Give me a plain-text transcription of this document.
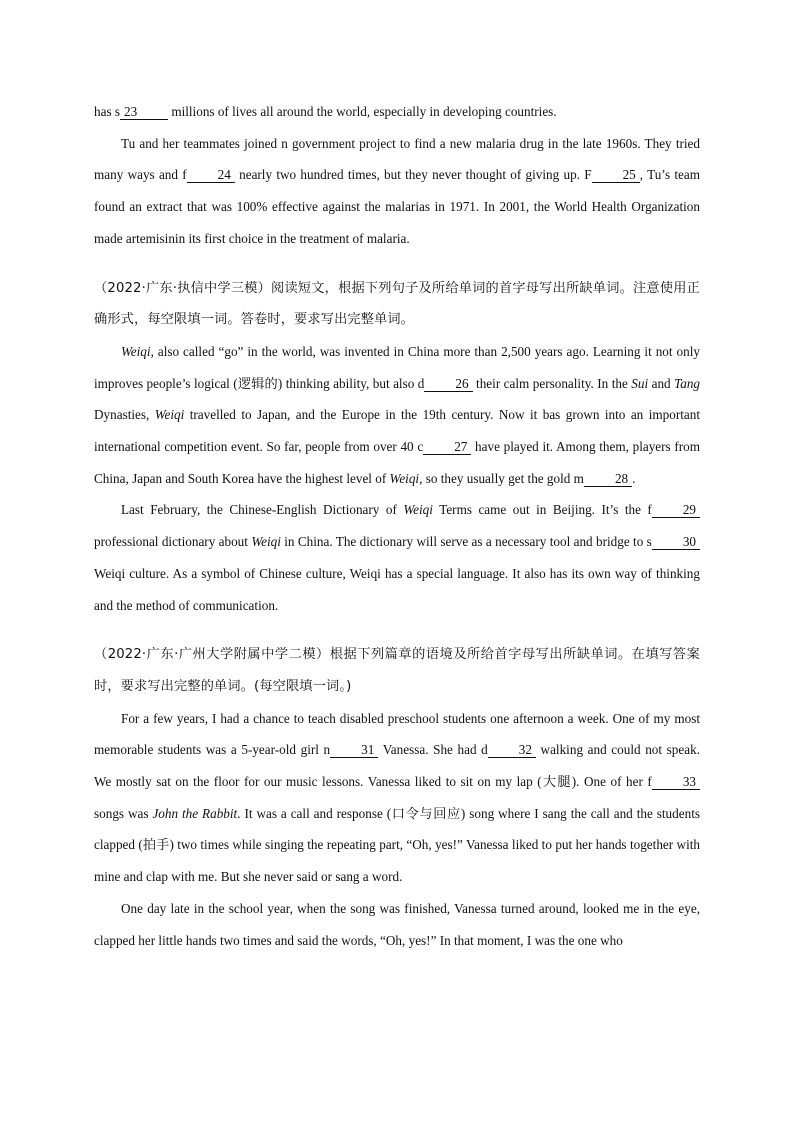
has s 23 millions of lives all around the world, especially in developing countries.

Tu and her teammates joined n government project to find a new malaria drug in the late 1960s. They tried many ways and f 24 nearly two hundred times, but they never thought of giving up. F 25 , Tu’s team found an extract that was 100% effective against the malarias in 1971. In 2001, the World Health Organization made artemisinin its first choice in the treatment of malaria.

（2022·广东·执信中学三模）阅读短文，根据下列句子及所给单词的首字母写出所缺单词。注意使用正确形式，每空限填一词。答卷时，要求写出完整单词。

Weiqi, also called “go” in the world, was invented in China more than 2,500 years ago. Learning it not only improves people’s logical (逻辑的) thinking ability, but also d 26 their calm personality. In the Sui and Tang Dynasties, Weiqi travelled to Japan, and the Europe in the 19th century. Now it bas grown into an important international competition event. So far, people from over 40 c 27 have played it. Among them, players from China, Japan and South Korea have the highest level of Weiqi, so they usually get the gold m 28 .

Last February, the Chinese-English Dictionary of Weiqi Terms came out in Beijing. It’s the f 29 professional dictionary about Weiqi in China. The dictionary will serve as a necessary tool and bridge to s 30 Weiqi culture. As a symbol of Chinese culture, Weiqi has a special language. It also has its own way of thinking and the method of communication.

（2022·广东·广州大学附属中学二模）根据下列篇章的语境及所给首字母写出所缺单词。在填写答案时，要求写出完整的单词。(每空限填一词。)

For a few years, I had a chance to teach disabled preschool students one afternoon a week. One of my most memorable students was a 5-year-old girl n 31 Vanessa. She had d 32 walking and could not speak. We mostly sat on the floor for our music lessons. Vanessa liked to sit on my lap (大腿). One of her f 33 songs was John the Rabbit. It was a call and response (口令与回应) song where I sang the call and the students clapped (拍手) two times while singing the repeating part, “Oh, yes!” Vanessa liked to put her hands together with mine and clap with me. But she never said or sang a word.

One day late in the school year, when the song was finished, Vanessa turned around, looked me in the eye, clapped her little hands two times and said the words, “Oh, yes!” In that moment, I was the one who
